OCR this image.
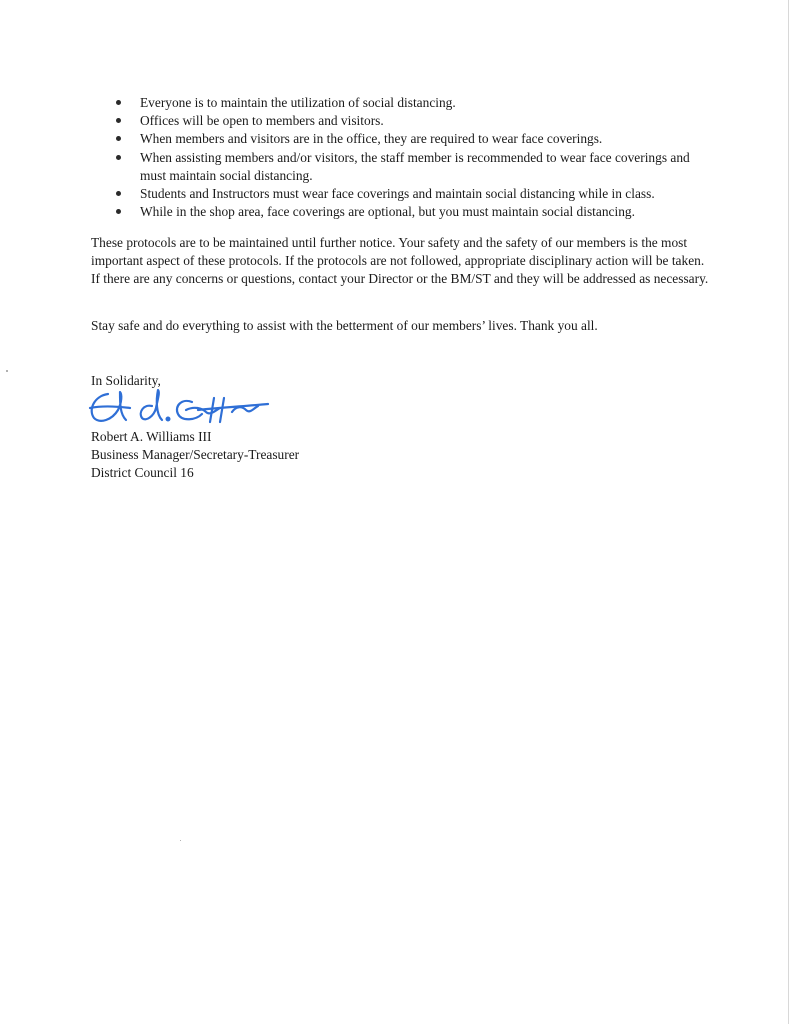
Everyone is to maintain the utilization of social distancing.
Offices will be open to members and visitors.
When members and visitors are in the office, they are required to wear face coverings.
When assisting members and/or visitors, the staff member is recommended to wear face coverings and must maintain social distancing.
Students and Instructors must wear face coverings and maintain social distancing while in class.
While in the shop area, face coverings are optional, but you must maintain social distancing.

These protocols are to be maintained until further notice. Your safety and the safety of our members is the most important aspect of these protocols. If the protocols are not followed, appropriate disciplinary action will be taken. If there are any concerns or questions, contact your Director or the BM/ST and they will be addressed as necessary.

Stay safe and do everything to assist with the betterment of our members’ lives. Thank you all.

In Solidarity,
Robert A. Williams III
Business Manager/Secretary-Treasurer
District Council 16
